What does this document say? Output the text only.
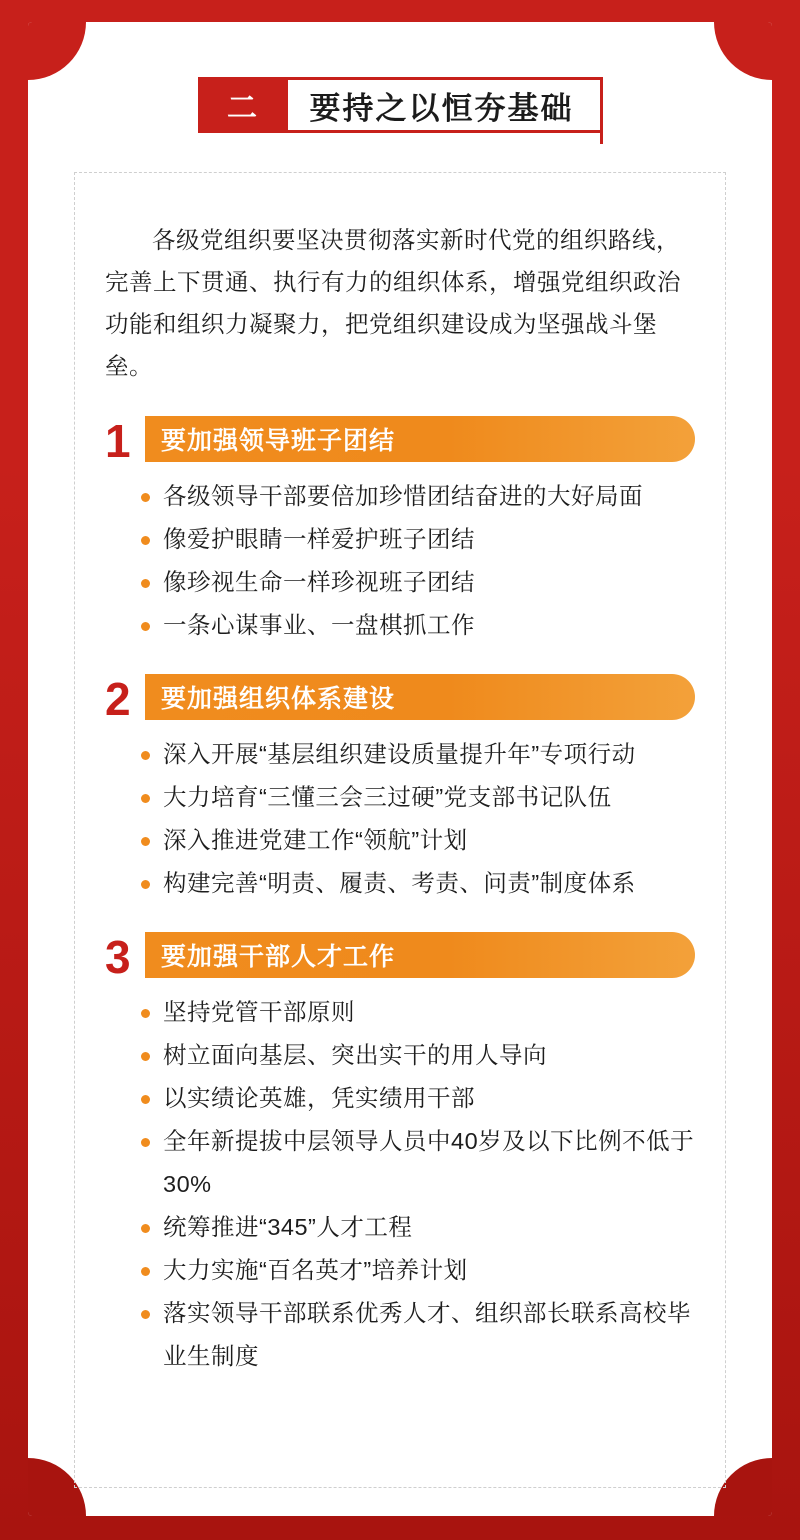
二	要持之以恒夯基础

各级党组织要坚决贯彻落实新时代党的组织路线，完善上下贯通、执行有力的组织体系，增强党组织政治功能和组织力凝聚力，把党组织建设成为坚强战斗堡垒。

1	要加强领导班子团结
各级领导干部要倍加珍惜团结奋进的大好局面
像爱护眼睛一样爱护班子团结
像珍视生命一样珍视班子团结
一条心谋事业、一盘棋抓工作
2	要加强组织体系建设
深入开展“基层组织建设质量提升年”专项行动
大力培育“三懂三会三过硬”党支部书记队伍
深入推进党建工作“领航”计划
构建完善“明责、履责、考责、问责”制度体系
3	要加强干部人才工作
坚持党管干部原则
树立面向基层、突出实干的用人导向
以实绩论英雄，凭实绩用干部
全年新提拔中层领导人员中40岁及以下比例不低于30%
统筹推进“345”人才工程
大力实施“百名英才”培养计划
落实领导干部联系优秀人才、组织部长联系高校毕业生制度
